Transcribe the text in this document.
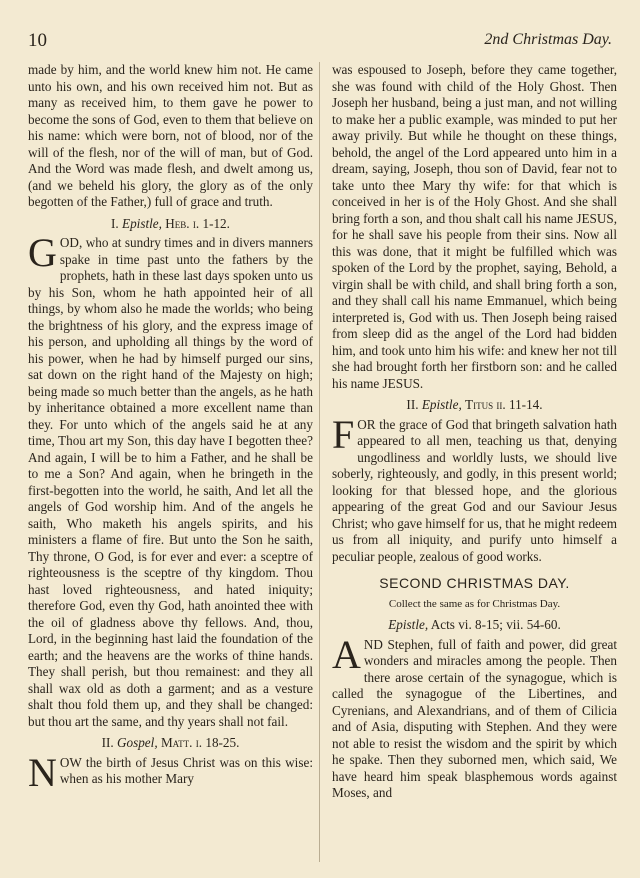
10	2nd Christmas Day.

made by him, and the world knew him not. He came unto his own, and his own received him not. But as many as received him, to them gave he power to become the sons of God, even to them that believe on his name: which were born, not of blood, nor of the will of the flesh, nor of the will of man, but of God. And the Word was made flesh, and dwelt among us, (and we beheld his glory, the glory as of the only begotten of the Father,) full of grace and truth.

I. Epistle, Heb. i. 1-12.

GOD, who at sundry times and in divers manners spake in time past unto the fathers by the prophets, hath in these last days spoken unto us by his Son, whom he hath appointed heir of all things, by whom also he made the worlds; who being the brightness of his glory, and the express image of his person, and upholding all things by the word of his power, when he had by himself purged our sins, sat down on the right hand of the Majesty on high; being made so much better than the angels, as he hath by inheritance obtained a more excellent name than they. For unto which of the angels said he at any time, Thou art my Son, this day have I begotten thee? And again, I will be to him a Father, and he shall be to me a Son? And again, when he bringeth in the first-begotten into the world, he saith, And let all the angels of God worship him. And of the angels he saith, Who maketh his angels spirits, and his ministers a flame of fire. But unto the Son he saith, Thy throne, O God, is for ever and ever: a sceptre of righteousness is the sceptre of thy kingdom. Thou hast loved righteousness, and hated iniquity; therefore God, even thy God, hath anointed thee with the oil of gladness above thy fellows. And, thou, Lord, in the beginning hast laid the foundation of the earth; and the heavens are the works of thine hands. They shall perish, but thou remainest: and they all shall wax old as doth a garment; and as a vesture shalt thou fold them up, and they shall be changed: but thou art the same, and thy years shall not fail.

II. Gospel, Matt. i. 18-25.

NOW the birth of Jesus Christ was on this wise: when as his mother Mary

was espoused to Joseph, before they came together, she was found with child of the Holy Ghost. Then Joseph her husband, being a just man, and not willing to make her a public example, was minded to put her away privily. But while he thought on these things, behold, the angel of the Lord appeared unto him in a dream, saying, Joseph, thou son of David, fear not to take unto thee Mary thy wife: for that which is conceived in her is of the Holy Ghost. And she shall bring forth a son, and thou shalt call his name JESUS, for he shall save his people from their sins. Now all this was done, that it might be fulfilled which was spoken of the Lord by the prophet, saying, Behold, a virgin shall be with child, and shall bring forth a son, and they shall call his name Emmanuel, which being interpreted is, God with us. Then Joseph being raised from sleep did as the angel of the Lord had bidden him, and took unto him his wife: and knew her not till she had brought forth her firstborn son: and he called his name JESUS.

II. Epistle, Titus ii. 11-14.

FOR the grace of God that bringeth salvation hath appeared to all men, teaching us that, denying ungodliness and worldly lusts, we should live soberly, righteously, and godly, in this present world; looking for that blessed hope, and the glorious appearing of the great God and our Saviour Jesus Christ; who gave himself for us, that he might redeem us from all iniquity, and purify unto himself a peculiar people, zealous of good works.

SECOND CHRISTMAS DAY.
Collect the same as for Christmas Day.
Epistle, Acts vi. 8-15; vii. 54-60.

AND Stephen, full of faith and power, did great wonders and miracles among the people. Then there arose certain of the synagogue, which is called the synagogue of the Libertines, and Cyrenians, and Alexandrians, and of them of Cilicia and of Asia, disputing with Stephen. And they were not able to resist the wisdom and the spirit by which he spake. Then they suborned men, which said, We have heard him speak blasphemous words against Moses, and
